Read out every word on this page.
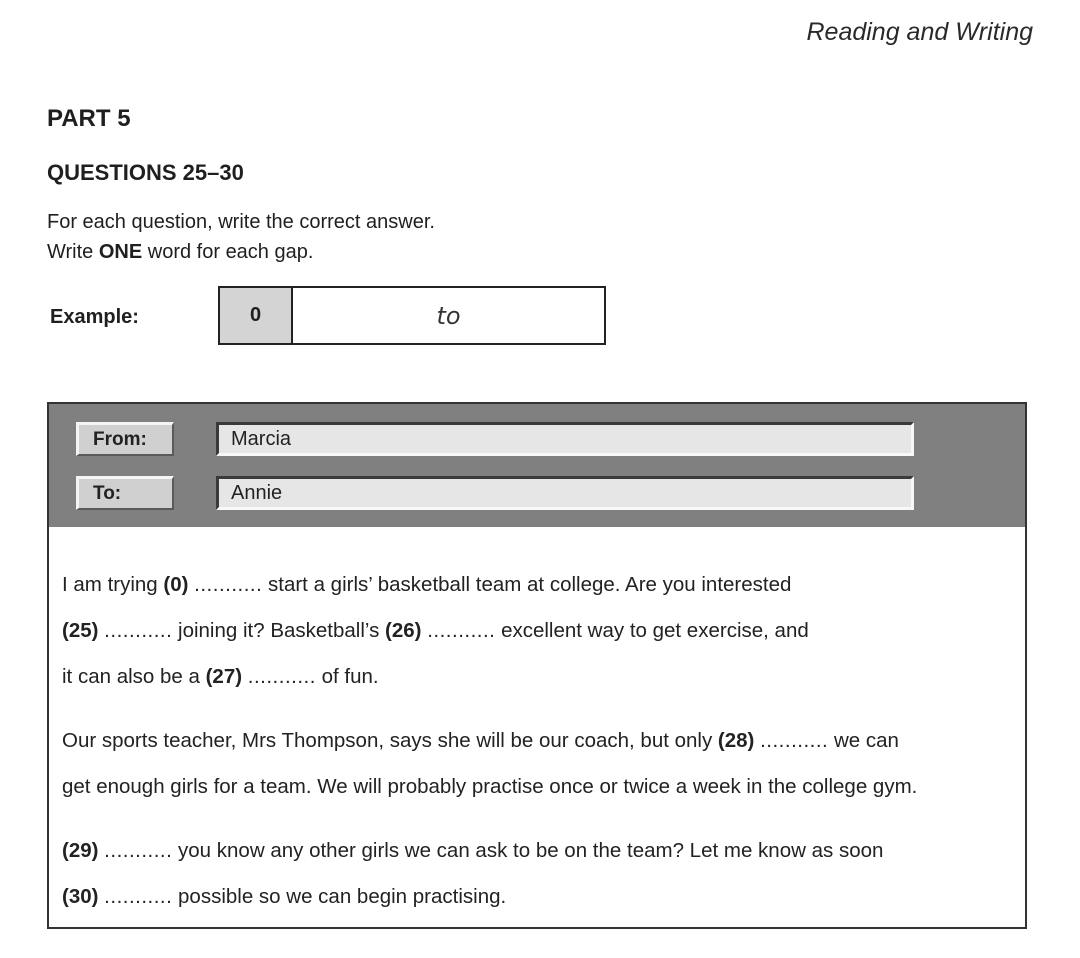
Reading and Writing
PART 5
QUESTIONS 25–30
For each question, write the correct answer.
Write ONE word for each gap.
Example:	0	to
From:	Marcia
To:	Annie

I am trying (0) ........... start a girls’ basketball team at college. Are you interested
(25) ........... joining it? Basketball’s (26) ........... excellent way to get exercise, and
it can also be a (27) ........... of fun.

Our sports teacher, Mrs Thompson, says she will be our coach, but only (28) ........... we can
get enough girls for a team. We will probably practise once or twice a week in the college gym.

(29) ........... you know any other girls we can ask to be on the team? Let me know as soon
(30) ........... possible so we can begin practising.
